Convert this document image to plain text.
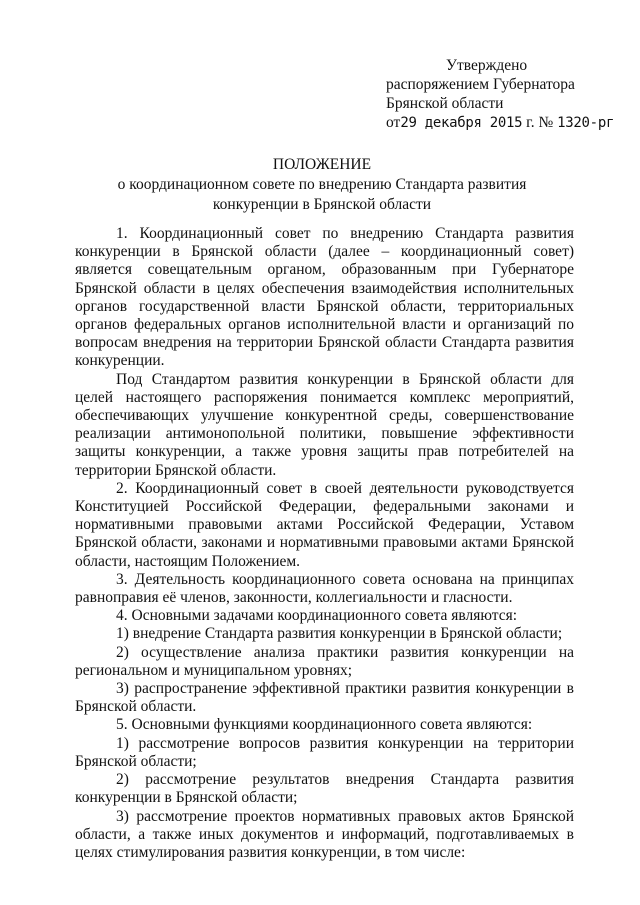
Утверждено
распоряжением Губернатора
Брянской области
от29 декабря 2015 г. № 1320-рг
ПОЛОЖЕНИЕ
о координационном совете по внедрению Стандарта развития
конкуренции в Брянской области

1. Координационный совет по внедрению Стандарта развития конкуренции в Брянской области (далее – координационный совет) является совещательным органом, образованным при Губернаторе Брянской области в целях обеспечения взаимодействия исполнительных органов государственной власти Брянской области, территориальных органов федеральных органов исполнительной власти и организаций по вопросам внедрения на территории Брянской области Стандарта развития конкуренции.

Под Стандартом развития конкуренции в Брянской области для целей настоящего распоряжения понимается комплекс мероприятий, обеспечивающих улучшение конкурентной среды, совершенствование реализации антимонопольной политики, повышение эффективности защиты конкуренции, а также уровня защиты прав потребителей на территории Брянской области.

2. Координационный совет в своей деятельности руководствуется Конституцией Российской Федерации, федеральными законами и нормативными правовыми актами Российской Федерации, Уставом Брянской области, законами и нормативными правовыми актами Брянской области, настоящим Положением.

3. Деятельность координационного совета основана на принципах равноправия её членов, законности, коллегиальности и гласности.

4. Основными задачами координационного совета являются:

1) внедрение Стандарта развития конкуренции в Брянской области;

2) осуществление анализа практики развития конкуренции на региональном и муниципальном уровнях;

3) распространение эффективной практики развития конкуренции в Брянской области.

5. Основными функциями координационного совета являются:

1) рассмотрение вопросов развития конкуренции на территории Брянской области;

2) рассмотрение результатов внедрения Стандарта развития конкуренции в Брянской области;

3) рассмотрение проектов нормативных правовых актов Брянской области, а также иных документов и информаций, подготавливаемых в целях стимулирования развития конкуренции, в том числе:
